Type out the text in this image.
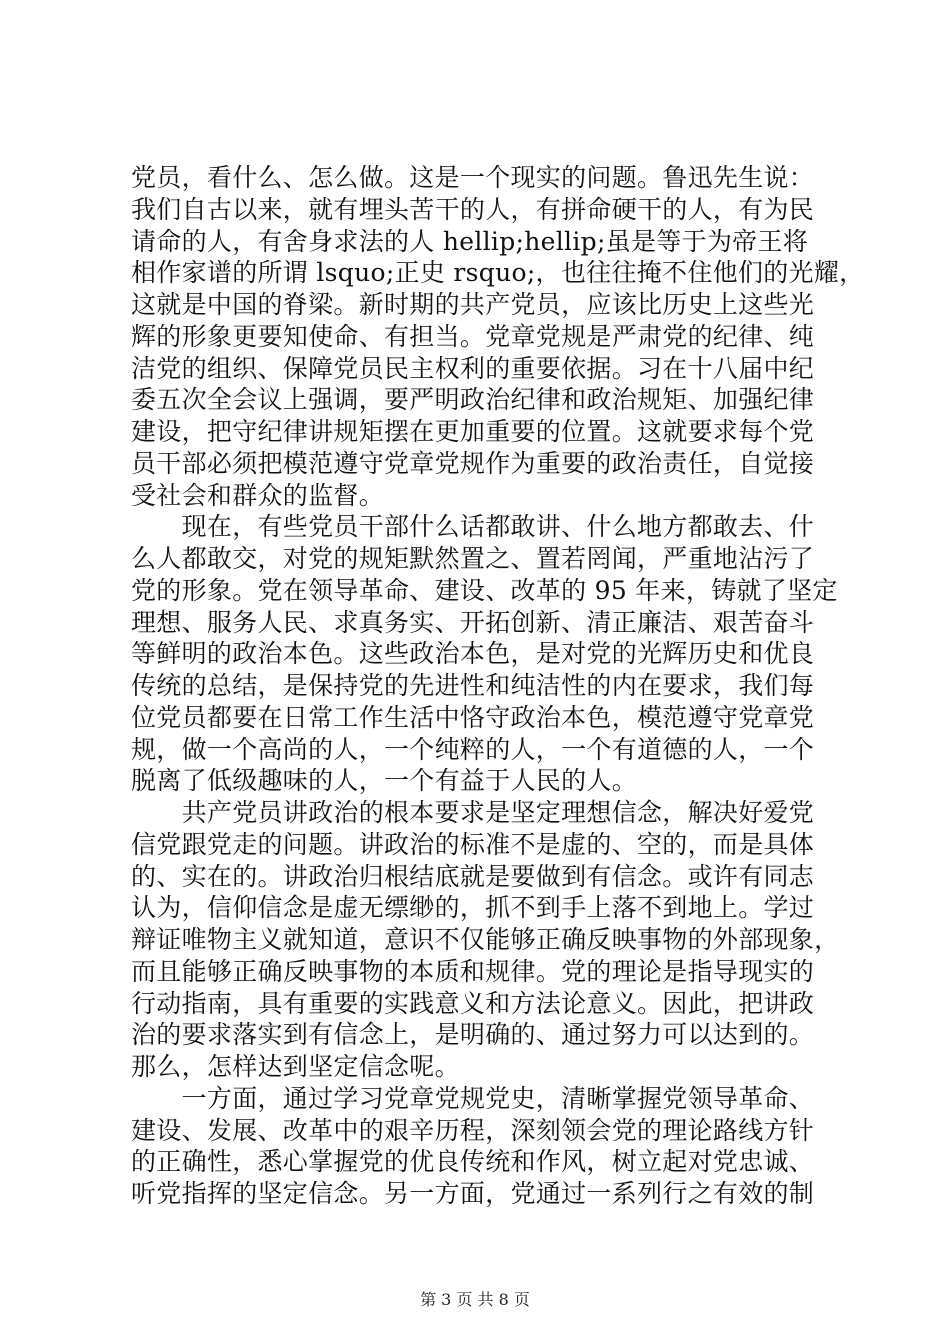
党员，看什么、怎么做。这是一个现实的问题。鲁迅先生说：

我们自古以来，就有埋头苦干的人，有拼命硬干的人，有为民

请命的人，有舍身求法的人 hellip;hellip;虽是等于为帝王将

相作家谱的所谓 lsquo;正史 rsquo;，也往往掩不住他们的光耀，

这就是中国的脊梁。新时期的共产党员，应该比历史上这些光

辉的形象更要知使命、有担当。党章党规是严肃党的纪律、纯

洁党的组织、保障党员民主权利的重要依据。习在十八届中纪

委五次全会议上强调，要严明政治纪律和政治规矩、加强纪律

建设，把守纪律讲规矩摆在更加重要的位置。这就要求每个党

员干部必须把模范遵守党章党规作为重要的政治责任，自觉接

受社会和群众的监督。

　　现在，有些党员干部什么话都敢讲、什么地方都敢去、什

么人都敢交，对党的规矩默然置之、置若罔闻，严重地沾污了

党的形象。党在领导革命、建设、改革的 95 年来，铸就了坚定

理想、服务人民、求真务实、开拓创新、清正廉洁、艰苦奋斗

等鲜明的政治本色。这些政治本色，是对党的光辉历史和优良

传统的总结，是保持党的先进性和纯洁性的内在要求，我们每

位党员都要在日常工作生活中恪守政治本色，模范遵守党章党

规，做一个高尚的人，一个纯粹的人，一个有道德的人，一个

脱离了低级趣味的人，一个有益于人民的人。

　　共产党员讲政治的根本要求是坚定理想信念，解决好爱党

信党跟党走的问题。讲政治的标准不是虚的、空的，而是具体

的、实在的。讲政治归根结底就是要做到有信念。或许有同志

认为，信仰信念是虚无缥缈的，抓不到手上落不到地上。学过

辩证唯物主义就知道，意识不仅能够正确反映事物的外部现象，

而且能够正确反映事物的本质和规律。党的理论是指导现实的

行动指南，具有重要的实践意义和方法论意义。因此，把讲政

治的要求落实到有信念上，是明确的、通过努力可以达到的。

那么，怎样达到坚定信念呢。

　　一方面，通过学习党章党规党史，清晰掌握党领导革命、

建设、发展、改革中的艰辛历程，深刻领会党的理论路线方针

的正确性，悉心掌握党的优良传统和作风，树立起对党忠诚、

听党指挥的坚定信念。另一方面，党通过一系列行之有效的制

第 3 页 共 8 页
